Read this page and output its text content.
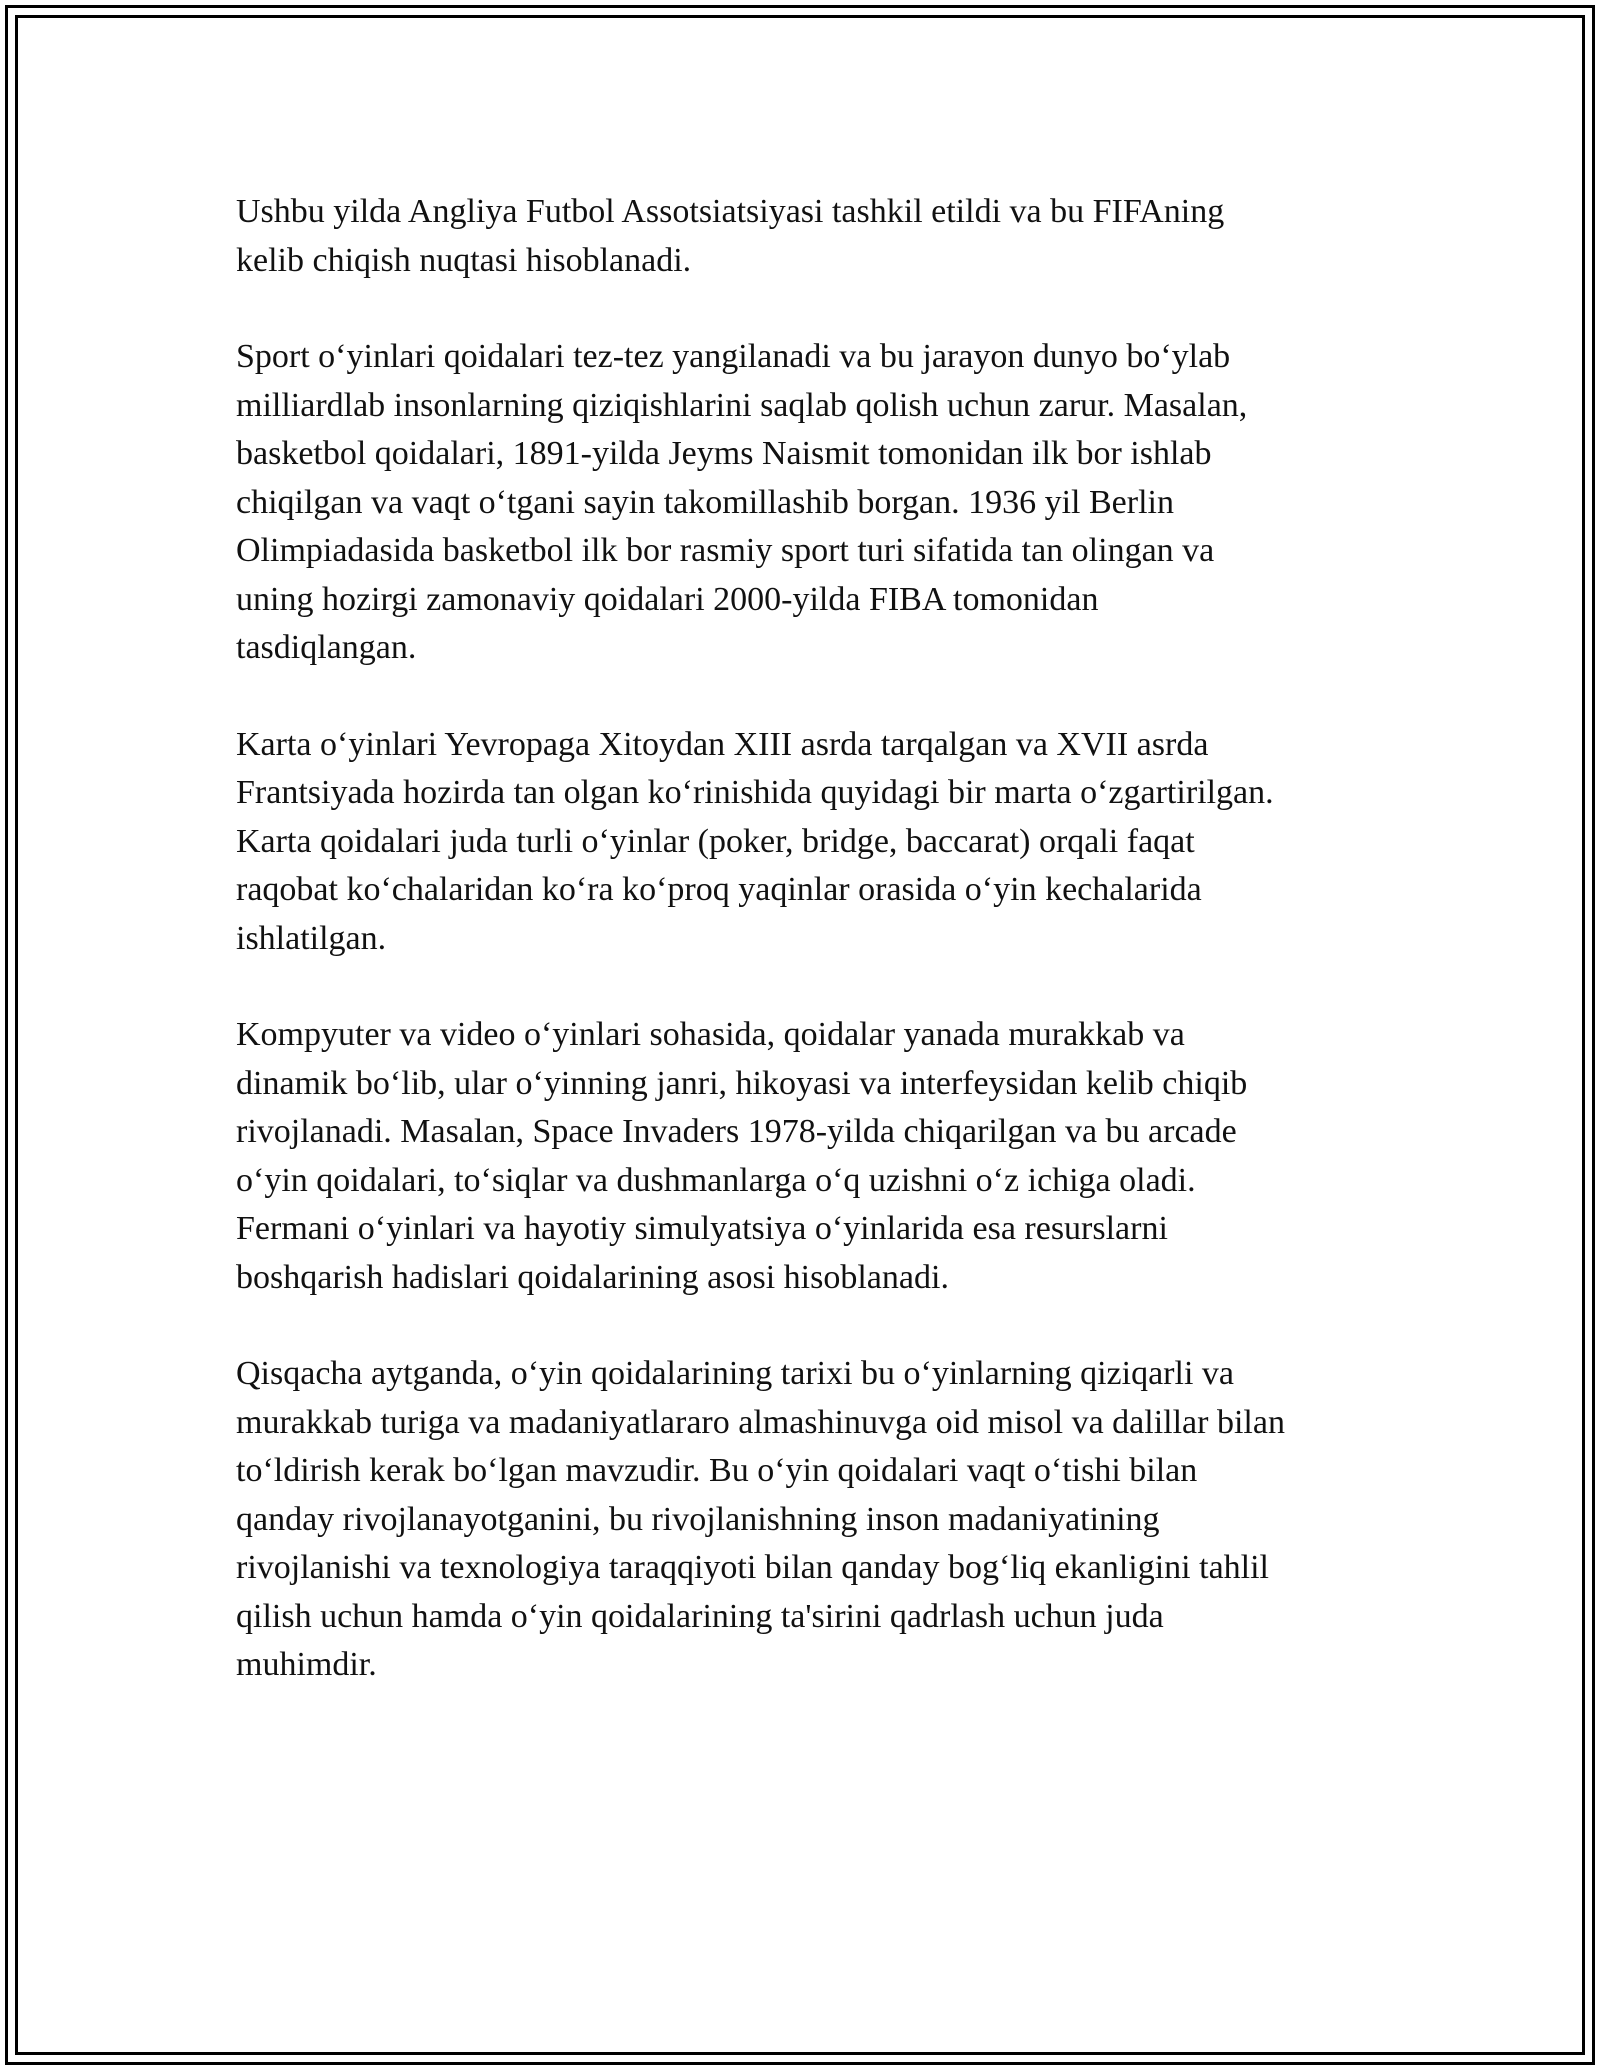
Ushbu yilda Angliya Futbol Assotsiatsiyasi tashkil etildi va bu FIFAning
kelib chiqish nuqtasi hisoblanadi.

Sport o‘yinlari qoidalari tez-tez yangilanadi va bu jarayon dunyo bo‘ylab
milliardlab insonlarning qiziqishlarini saqlab qolish uchun zarur. Masalan,
basketbol qoidalari, 1891-yilda Jeyms Naismit tomonidan ilk bor ishlab
chiqilgan va vaqt o‘tgani sayin takomillashib borgan. 1936 yil Berlin
Olimpiadasida basketbol ilk bor rasmiy sport turi sifatida tan olingan va
uning hozirgi zamonaviy qoidalari 2000-yilda FIBA tomonidan
tasdiqlangan.

Karta o‘yinlari Yevropaga Xitoydan XIII asrda tarqalgan va XVII asrda
Frantsiyada hozirda tan olgan ko‘rinishida quyidagi bir marta o‘zgartirilgan.
Karta qoidalari juda turli o‘yinlar (poker, bridge, baccarat) orqali faqat
raqobat ko‘chalaridan ko‘ra ko‘proq yaqinlar orasida o‘yin kechalarida
ishlatilgan.

Kompyuter va video o‘yinlari sohasida, qoidalar yanada murakkab va
dinamik bo‘lib, ular o‘yinning janri, hikoyasi va interfeysidan kelib chiqib
rivojlanadi. Masalan, Space Invaders 1978-yilda chiqarilgan va bu arcade
o‘yin qoidalari, to‘siqlar va dushmanlarga o‘q uzishni o‘z ichiga oladi.
Fermani o‘yinlari va hayotiy simulyatsiya o‘yinlarida esa resurslarni
boshqarish hadislari qoidalarining asosi hisoblanadi.

Qisqacha aytganda, o‘yin qoidalarining tarixi bu o‘yinlarning qiziqarli va
murakkab turiga va madaniyatlararo almashinuvga oid misol va dalillar bilan
to‘ldirish kerak bo‘lgan mavzudir. Bu o‘yin qoidalari vaqt o‘tishi bilan
qanday rivojlanayotganini, bu rivojlanishning inson madaniyatining
rivojlanishi va texnologiya taraqqiyoti bilan qanday bog‘liq ekanligini tahlil
qilish uchun hamda o‘yin qoidalarining ta'sirini qadrlash uchun juda
muhimdir.
